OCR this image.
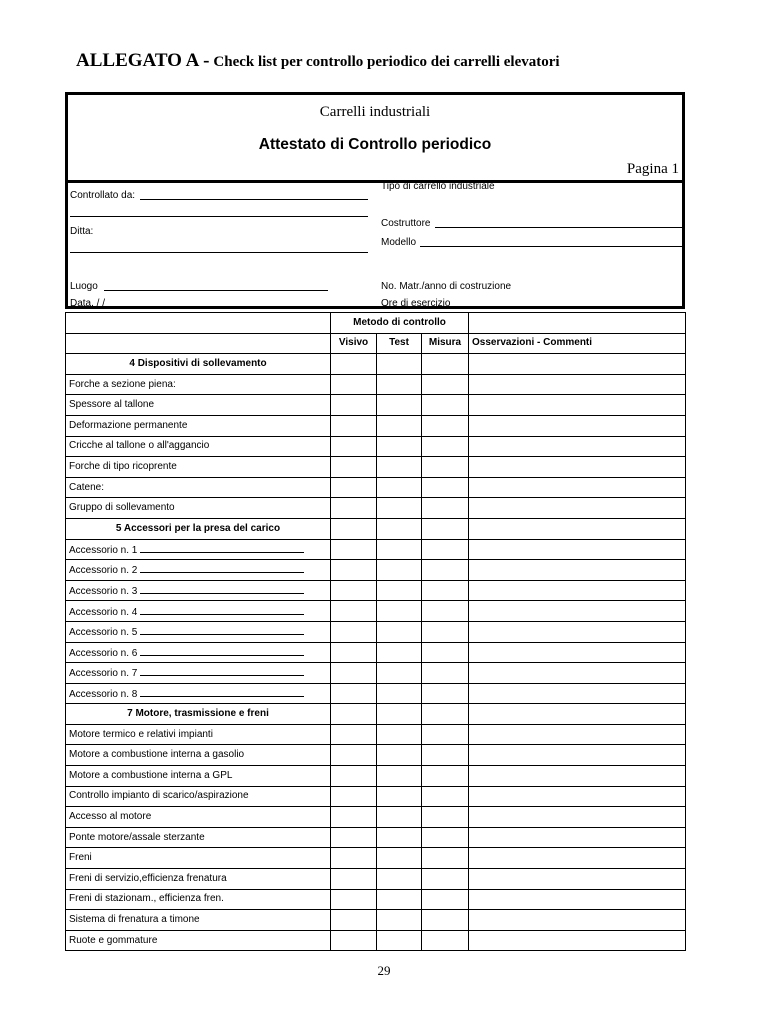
ALLEGATO A - Check list per controllo periodico dei carrelli elevatori
Carrelli industriali
Attestato di Controllo periodico
Pagina 1
Controllato da:
Ditta:
Luogo
Data, / /
Tipo di carrello industriale
Costruttore
Modello
No. Matr./anno di costruzione
Ore di esercizio
	Metodo di controllo			
	Visivo	Test	Misura	Osservazioni - Commenti
4 Dispositivi di sollevamento				
Forche a sezione piena:				
Spessore al tallone				
Deformazione permanente				
Cricche al tallone o all'aggancio				
Forche di tipo ricoprente				
Catene:				
Gruppo di sollevamento				
5 Accessori per la presa del carico				
Accessorio n. 1				
Accessorio n. 2				
Accessorio n. 3				
Accessorio n. 4				
Accessorio n. 5				
Accessorio n. 6				
Accessorio n. 7				
Accessorio n. 8				
7 Motore, trasmissione e freni				
Motore termico e relativi impianti				
Motore a combustione interna a gasolio				
Motore a combustione interna a GPL				
Controllo impianto di scarico/aspirazione				
Accesso al motore				
Ponte motore/assale sterzante				
Freni				
Freni di servizio,efficienza frenatura				
Freni di stazionam., efficienza fren.				
Sistema di frenatura a timone				
Ruote e gommature				
29
